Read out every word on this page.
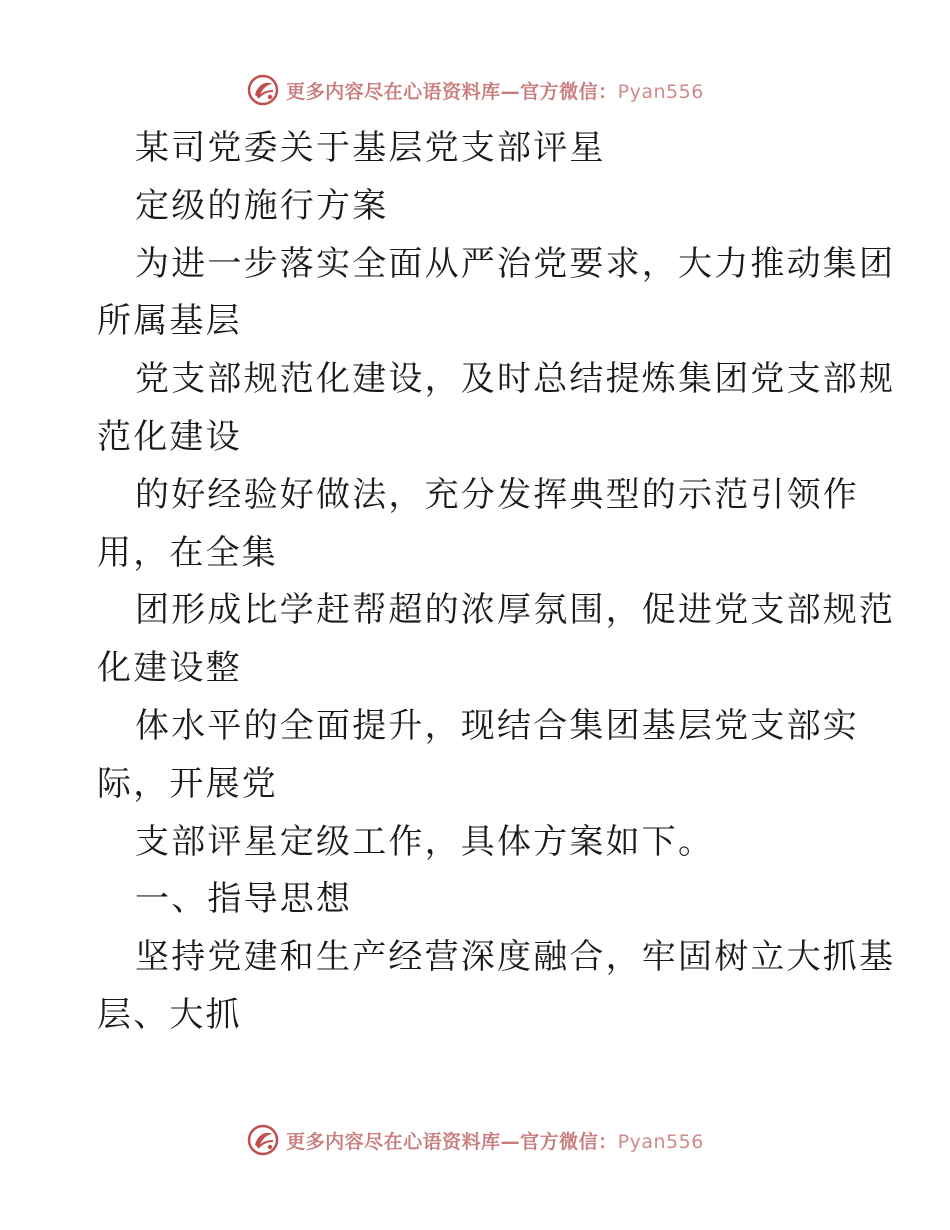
更多内容尽在心语资料库—官方微信：Pyan556
某司党委关于基层党支部评星
定级的施行方案
为进一步落实全面从严治党要求，大力推动集团
所属基层
党支部规范化建设，及时总结提炼集团党支部规
范化建设
的好经验好做法，充分发挥典型的示范引领作
用，在全集
团形成比学赶帮超的浓厚氛围，促进党支部规范
化建设整
体水平的全面提升，现结合集团基层党支部实
际，开展党
支部评星定级工作，具体方案如下。
一、指导思想
坚持党建和生产经营深度融合，牢固树立大抓基
层、大抓
更多内容尽在心语资料库—官方微信：Pyan556
